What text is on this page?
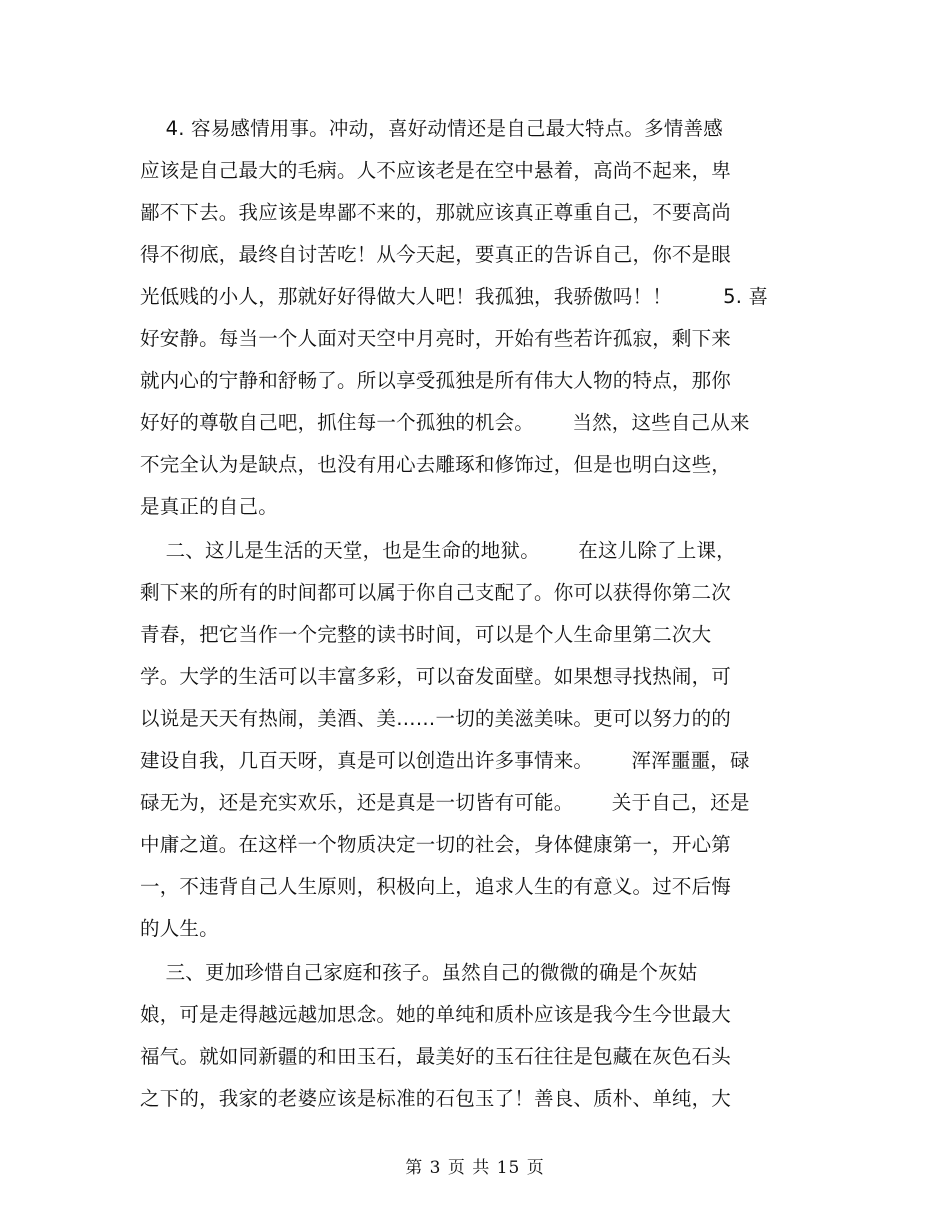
4. 容易感情用事。冲动，喜好动情还是自己最大特点。多情善感
应该是自己最大的毛病。人不应该老是在空中悬着，高尚不起来，卑
鄙不下去。我应该是卑鄙不来的，那就应该真正尊重自己，不要高尚
得不彻底，最终自讨苦吃！从今天起，要真正的告诉自己，你不是眼
光低贱的小人，那就好好得做大人吧！我孤独，我骄傲吗！！        5. 喜
好安静。每当一个人面对天空中月亮时，开始有些若许孤寂，剩下来
就内心的宁静和舒畅了。所以享受孤独是所有伟大人物的特点，那你
好好的尊敬自己吧，抓住每一个孤独的机会。      当然，这些自己从来
不完全认为是缺点，也没有用心去雕琢和修饰过，但是也明白这些，
是真正的自己。
二、这儿是生活的天堂，也是生命的地狱。      在这儿除了上课，
剩下来的所有的时间都可以属于你自己支配了。你可以获得你第二次
青春，把它当作一个完整的读书时间，可以是个人生命里第二次大
学。大学的生活可以丰富多彩，可以奋发面壁。如果想寻找热闹，可
以说是天天有热闹，美酒、美……一切的美滋美味。更可以努力的的
建设自我，几百天呀，真是可以创造出许多事情来。      浑浑噩噩，碌
碌无为，还是充实欢乐，还是真是一切皆有可能。      关于自己，还是
中庸之道。在这样一个物质决定一切的社会，身体健康第一，开心第
一，不违背自己人生原则，积极向上，追求人生的有意义。过不后悔
的人生。
三、更加珍惜自己家庭和孩子。虽然自己的微微的确是个灰姑
娘，可是走得越远越加思念。她的单纯和质朴应该是我今生今世最大
福气。就如同新疆的和田玉石，最美好的玉石往往是包藏在灰色石头
之下的，我家的老婆应该是标准的石包玉了！善良、质朴、单纯，大
第 3 页 共 15 页
